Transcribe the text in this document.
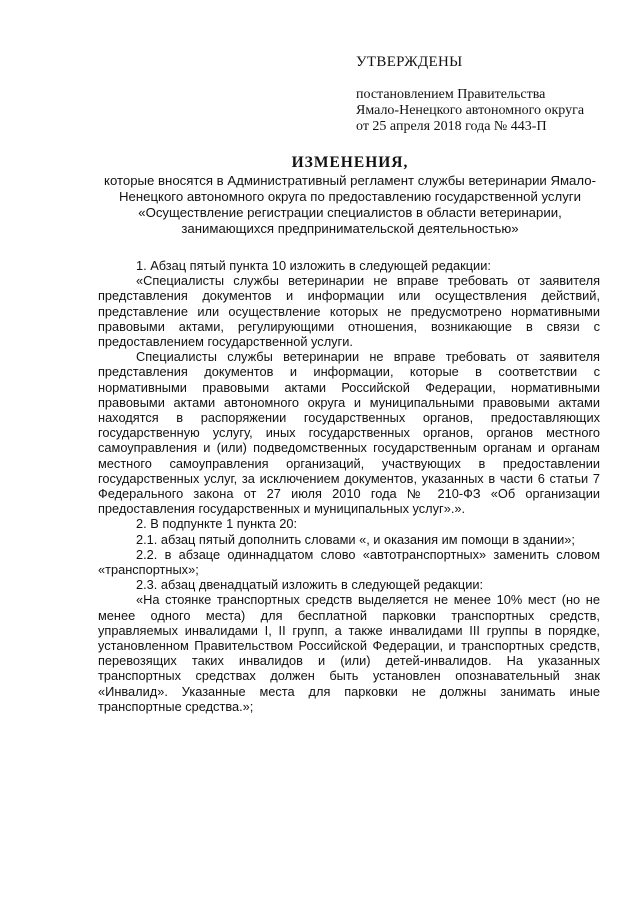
УТВЕРЖДЕНЫ

постановлением Правительства

Ямало-Ненецкого автономного округа

от 25 апреля 2018 года № 443-П

ИЗМЕНЕНИЯ,

которые вносятся в Административный регламент службы ветеринарии Ямало-Ненецкого автономного округа по предоставлению государственной услуги «Осуществление регистрации специалистов в области ветеринарии, занимающихся предпринимательской деятельностью»

1. Абзац пятый пункта 10 изложить в следующей редакции:

«Специалисты службы ветеринарии не вправе требовать от заявителя представления документов и информации или осуществления действий, представление или осуществление которых не предусмотрено нормативными правовыми актами, регулирующими отношения, возникающие в связи с предоставлением государственной услуги.

Специалисты службы ветеринарии не вправе требовать от заявителя представления документов и информации, которые в соответствии с нормативными правовыми актами Российской Федерации, нормативными правовыми актами автономного округа и муниципальными правовыми актами находятся в распоряжении государственных органов, предоставляющих государственную услугу, иных государственных органов, органов местного самоуправления и (или) подведомственных государственным органам и органам местного самоуправления организаций, участвующих в предоставлении государственных услуг, за исключением документов, указанных в части 6 статьи 7 Федерального закона от 27 июля 2010 года № 210-ФЗ «Об организации предоставления государственных и муниципальных услуг».».

2. В подпункте 1 пункта 20:

2.1. абзац пятый дополнить словами «, и оказания им помощи в здании»;

2.2. в абзаце одиннадцатом слово «автотранспортных» заменить словом «транспортных»;

2.3. абзац двенадцатый изложить в следующей редакции:

«На стоянке транспортных средств выделяется не менее 10% мест (но не менее одного места) для бесплатной парковки транспортных средств, управляемых инвалидами I, II групп, а также инвалидами III группы в порядке, установленном Правительством Российской Федерации, и транспортных средств, перевозящих таких инвалидов и (или) детей-инвалидов. На указанных транспортных средствах должен быть установлен опознавательный знак «Инвалид». Указанные места для парковки не должны занимать иные транспортные средства.»;
